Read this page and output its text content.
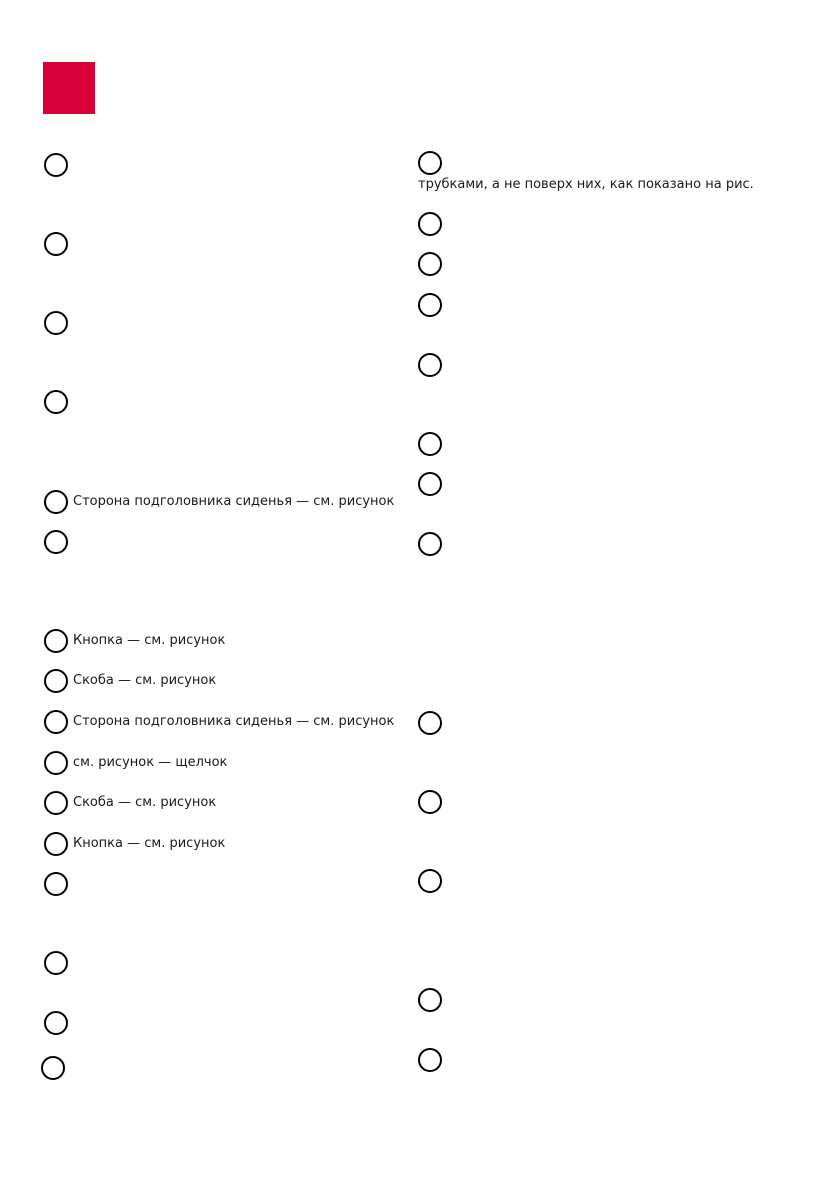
Сторона подголовника сиденья — см. рисунок
Кнопка — см. рисунок
Скоба — см. рисунок
Сторона подголовника сиденья — см. рисунок
см. рисунок — щелчок
Скоба — см. рисунок
Кнопка — см. рисунок
трубками, а не поверх них, как показано на рис.
